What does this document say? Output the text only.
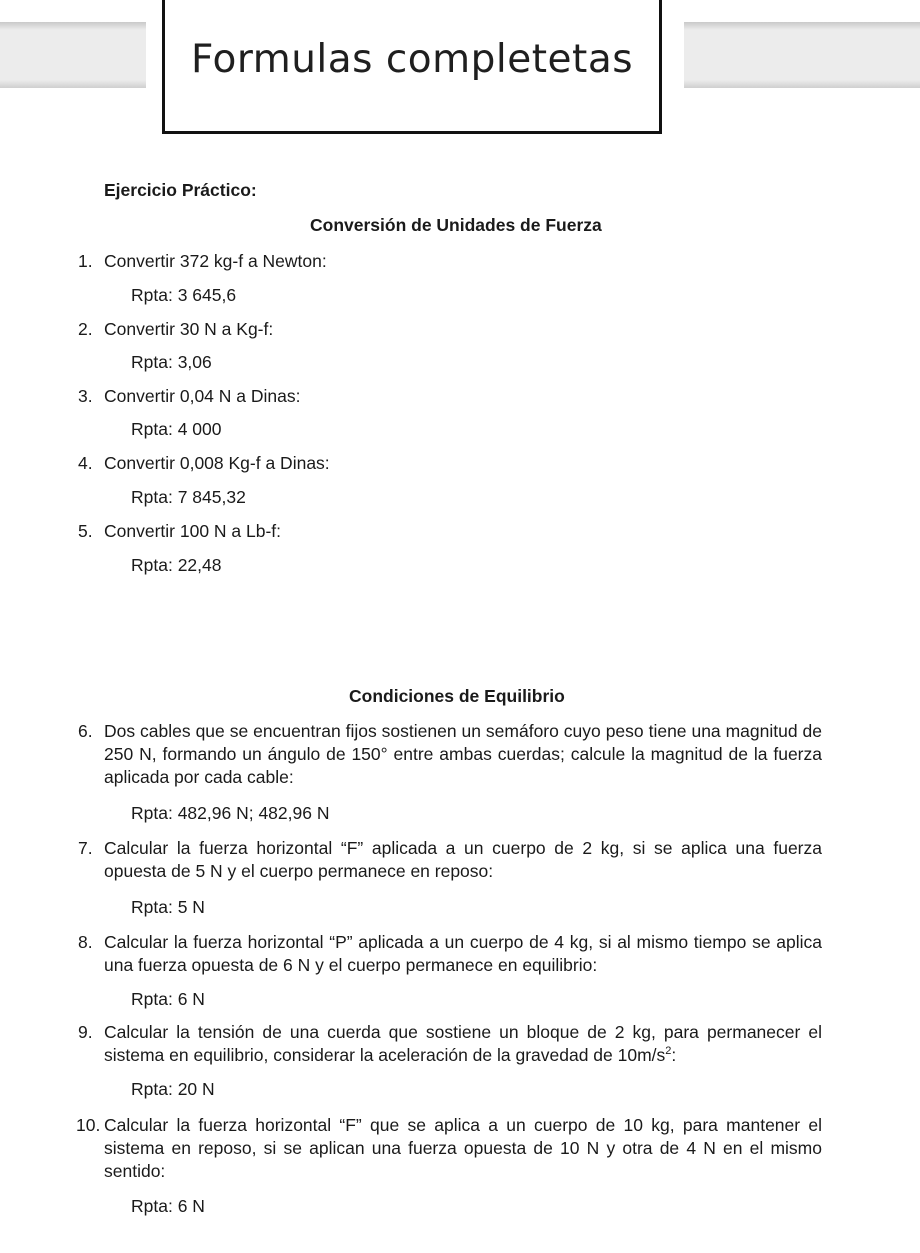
Formulas completetas
Ejercicio Práctico:
Conversión de Unidades de Fuerza
1. Convertir 372 kg-f a Newton:
Rpta: 3 645,6
2. Convertir 30 N a Kg-f:
Rpta: 3,06
3. Convertir 0,04 N a Dinas:
Rpta: 4 000
4. Convertir 0,008 Kg-f a Dinas:
Rpta: 7 845,32
5. Convertir 100 N a Lb-f:
Rpta: 22,48
Condiciones de Equilibrio
6. Dos cables que se encuentran fijos sostienen un semáforo cuyo peso tiene una magnitud de 250 N, formando un ángulo de 150° entre ambas cuerdas; calcule la magnitud de la fuerza aplicada por cada cable:
Rpta: 482,96 N; 482,96 N
7. Calcular la fuerza horizontal “F” aplicada a un cuerpo de 2 kg, si se aplica una fuerza opuesta de 5 N y el cuerpo permanece en reposo:
Rpta: 5 N
8. Calcular la fuerza horizontal “P” aplicada a un cuerpo de 4 kg, si al mismo tiempo se aplica una fuerza opuesta de 6 N y el cuerpo permanece en equilibrio:
Rpta: 6 N
9. Calcular la tensión de una cuerda que sostiene un bloque de 2 kg, para permanecer el sistema en equilibrio, considerar la aceleración de la gravedad de $10m/s^2$:
Rpta: 20 N
10. Calcular la fuerza horizontal “F” que se aplica a un cuerpo de 10 kg, para mantener el sistema en reposo, si se aplican una fuerza opuesta de 10 N y otra de 4 N en el mismo sentido:
Rpta: 6 N
